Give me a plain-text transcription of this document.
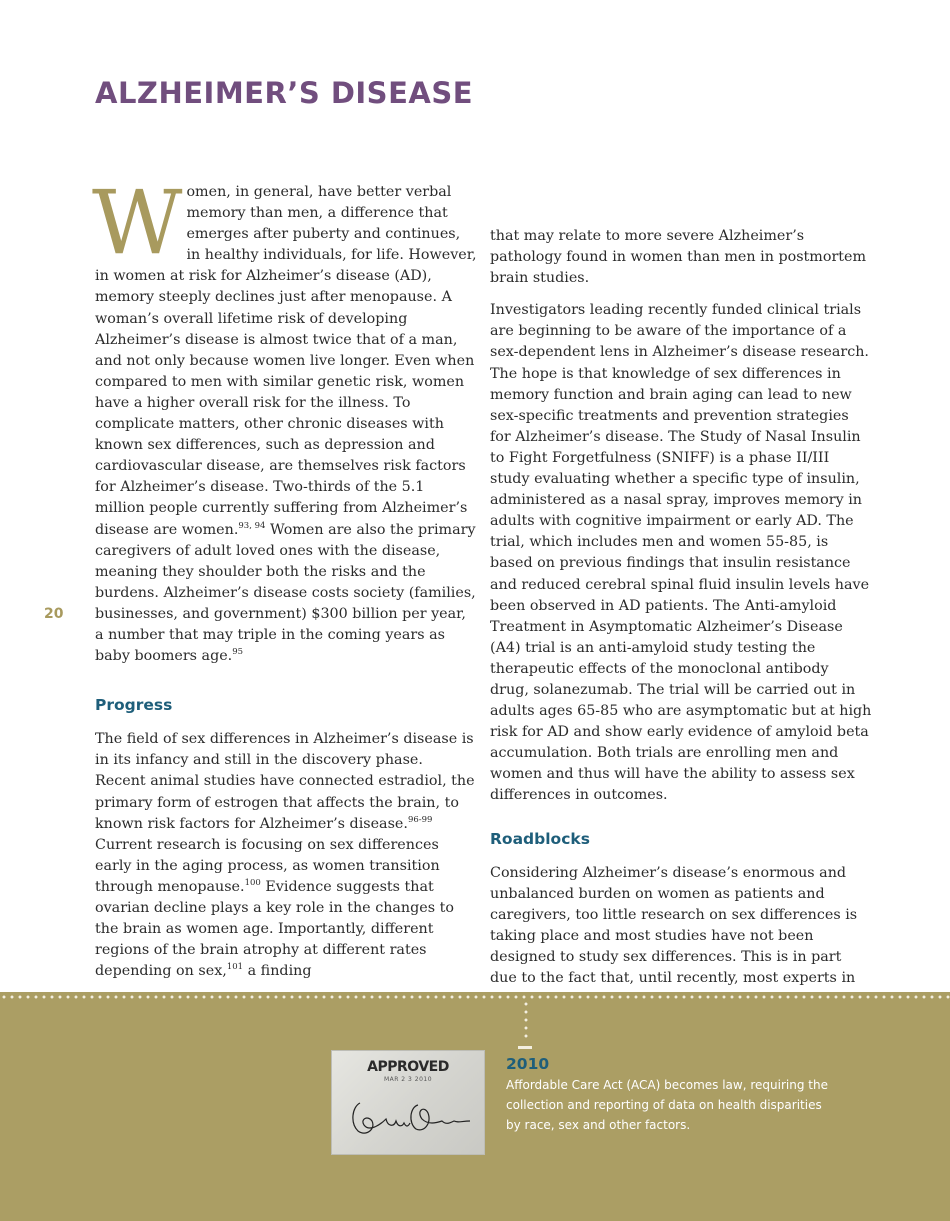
ALZHEIMER’S DISEASE

Women, in general, have better verbal memory than men, a difference that emerges after puberty and continues, in healthy individuals, for life. However, in women at risk for Alzheimer’s disease (AD), memory steeply declines just after menopause. A woman’s overall lifetime risk of developing Alzheimer’s disease is almost twice that of a man, and not only because women live longer. Even when compared to men with similar genetic risk, women have a higher overall risk for the illness. To complicate matters, other chronic diseases with known sex differences, such as depression and cardiovascular disease, are themselves risk factors for Alzheimer’s disease. Two-thirds of the 5.1 million people currently suffering from Alzheimer’s disease are women.$^{93, 94}$ Women are also the primary caregivers of adult loved ones with the disease, meaning they shoulder both the risks and the burdens. Alzheimer’s disease costs society (families, businesses, and government) $300 billion per year, a number that may triple in the coming years as baby boomers age.$^{95}$

Progress

The field of sex differences in Alzheimer’s disease is in its infancy and still in the discovery phase. Recent animal studies have connected estradiol, the primary form of estrogen that affects the brain, to known risk factors for Alzheimer’s disease.$^{96-99}$ Current research is focusing on sex differences early in the aging process, as women transition through menopause.$^{100}$ Evidence suggests that ovarian decline plays a key role in the changes to the brain as women age. Importantly, different regions of the brain atrophy at different rates depending on sex,$^{101}$ a finding

20

that may relate to more severe Alzheimer’s pathology found in women than men in postmortem brain studies.

Investigators leading recently funded clinical trials are beginning to be aware of the importance of a sex-dependent lens in Alzheimer’s disease research. The hope is that knowledge of sex differences in memory function and brain aging can lead to new sex-specific treatments and prevention strategies for Alzheimer’s disease. The Study of Nasal Insulin to Fight Forgetfulness (SNIFF) is a phase II/III study evaluating whether a specific type of insulin, administered as a nasal spray, improves memory in adults with cognitive impairment or early AD. The trial, which includes men and women 55-85, is based on previous findings that insulin resistance and reduced cerebral spinal fluid insulin levels have been observed in AD patients. The Anti-amyloid Treatment in Asymptomatic Alzheimer’s Disease (A4) trial is an anti-amyloid study testing the therapeutic effects of the monoclonal antibody drug, solanezumab. The trial will be carried out in adults ages 65-85 who are asymptomatic but at high risk for AD and show early evidence of amyloid beta accumulation. Both trials are enrolling men and women and thus will have the ability to assess sex differences in outcomes.

Roadblocks

Considering Alzheimer’s disease’s enormous and unbalanced burden on women as patients and caregivers, too little research on sex differences is taking place and most studies have not been designed to study sex differences. This is in part due to the fact that, until recently, most experts in

APPROVED
MAR 2 3 2010
2010
Affordable Care Act (ACA) becomes law, requiring the collection and reporting of data on health disparities by race, sex and other factors.
